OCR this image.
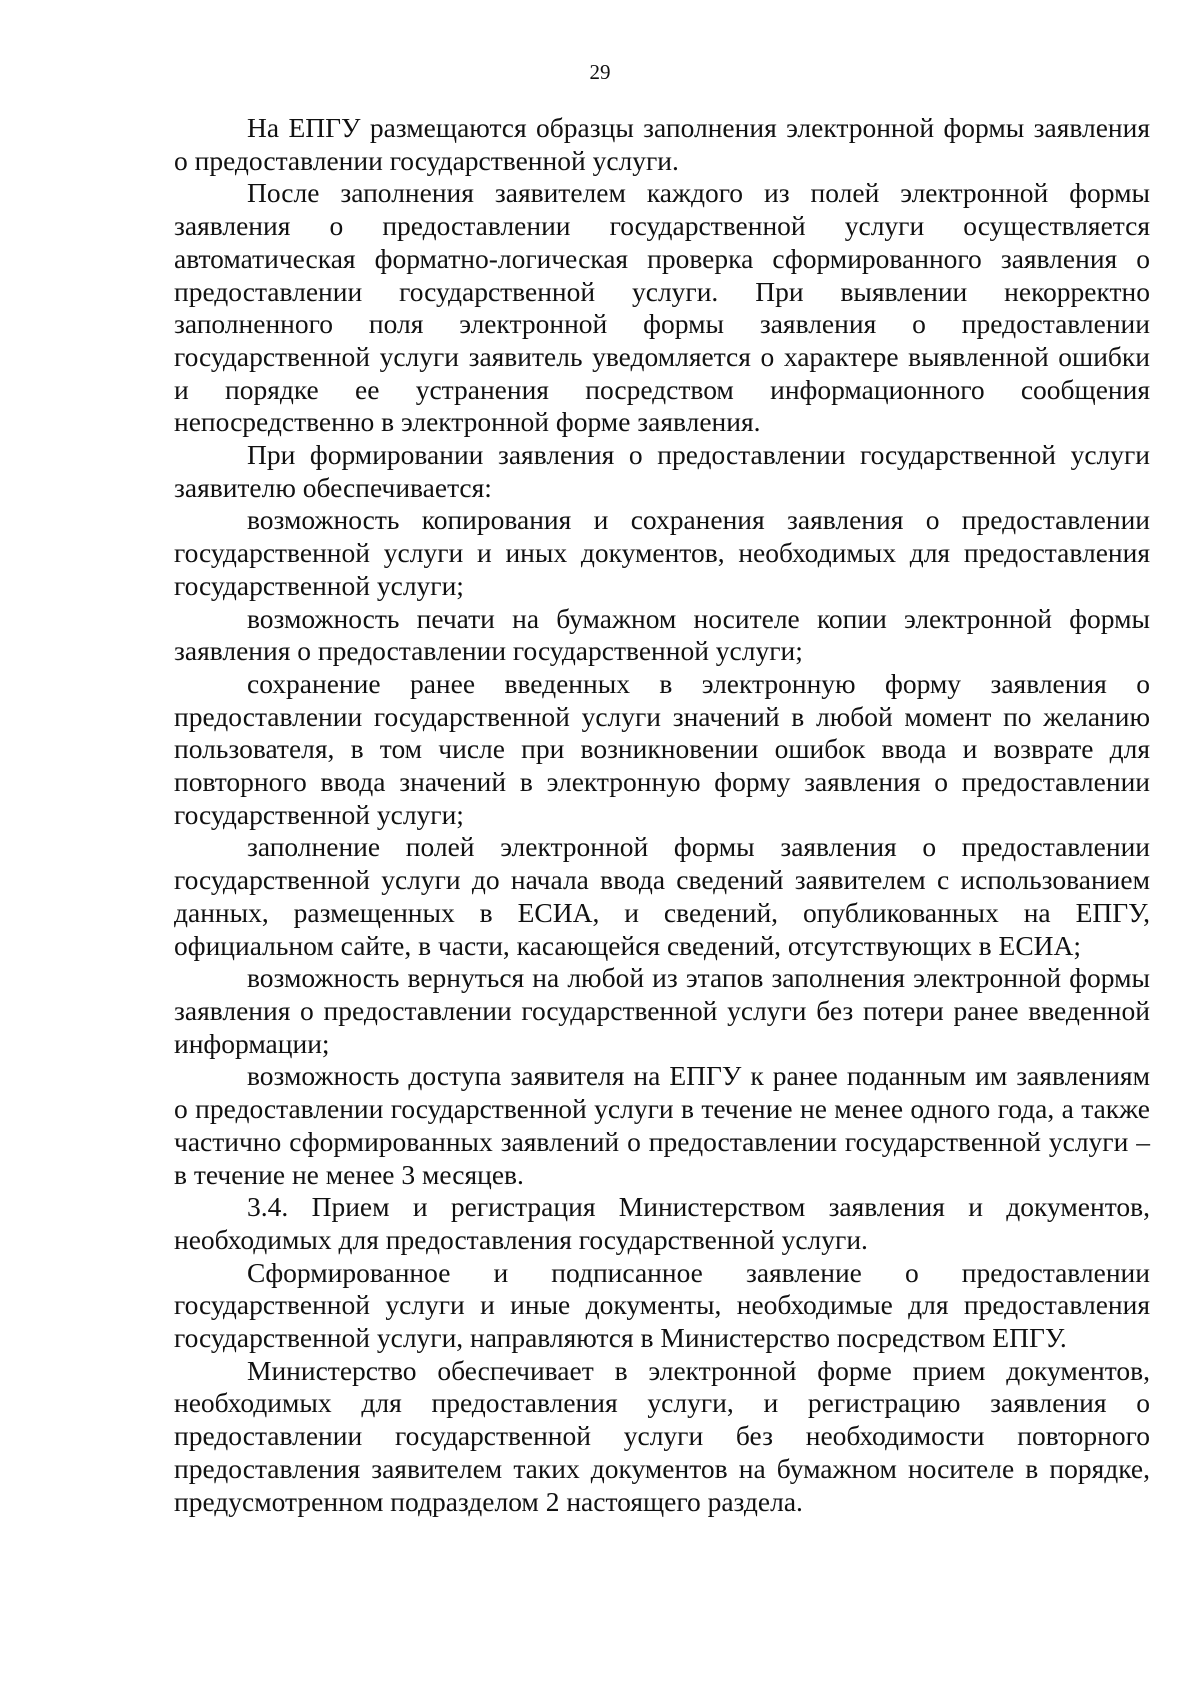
29

На ЕПГУ размещаются образцы заполнения электронной формы заявления о предоставлении государственной услуги.

После заполнения заявителем каждого из полей электронной формы заявления о предоставлении государственной услуги осуществляется автоматическая форматно-логическая проверка сформированного заявления о предоставлении государственной услуги. При выявлении некорректно заполненного поля электронной формы заявления о предоставлении государственной услуги заявитель уведомляется о характере выявленной ошибки и порядке ее устранения посредством информационного сообщения непосредственно в электронной форме заявления.

При формировании заявления о предоставлении государственной услуги заявителю обеспечивается:

возможность копирования и сохранения заявления о предоставлении государственной услуги и иных документов, необходимых для предоставления государственной услуги;

возможность печати на бумажном носителе копии электронной формы заявления о предоставлении государственной услуги;

сохранение ранее введенных в электронную форму заявления о предоставлении государственной услуги значений в любой момент по желанию пользователя, в том числе при возникновении ошибок ввода и возврате для повторного ввода значений в электронную форму заявления о предоставлении государственной услуги;

заполнение полей электронной формы заявления о предоставлении государственной услуги до начала ввода сведений заявителем с использованием данных, размещенных в ЕСИА, и сведений, опубликованных на ЕПГУ, официальном сайте, в части, касающейся сведений, отсутствующих в ЕСИА;

возможность вернуться на любой из этапов заполнения электронной формы заявления о предоставлении государственной услуги без потери ранее введенной информации;

возможность доступа заявителя на ЕПГУ к ранее поданным им заявлениям о предоставлении государственной услуги в течение не менее одного года, а также частично сформированных заявлений о предоставлении государственной услуги – в течение не менее 3 месяцев.

3.4. Прием и регистрация Министерством заявления и документов, необходимых для предоставления государственной услуги.

Сформированное и подписанное заявление о предоставлении государственной услуги и иные документы, необходимые для предоставления государственной услуги, направляются в Министерство посредством ЕПГУ.

Министерство обеспечивает в электронной форме прием документов, необходимых для предоставления услуги, и регистрацию заявления о предоставлении государственной услуги без необходимости повторного предоставления заявителем таких документов на бумажном носителе в порядке, предусмотренном подразделом 2 настоящего раздела.
